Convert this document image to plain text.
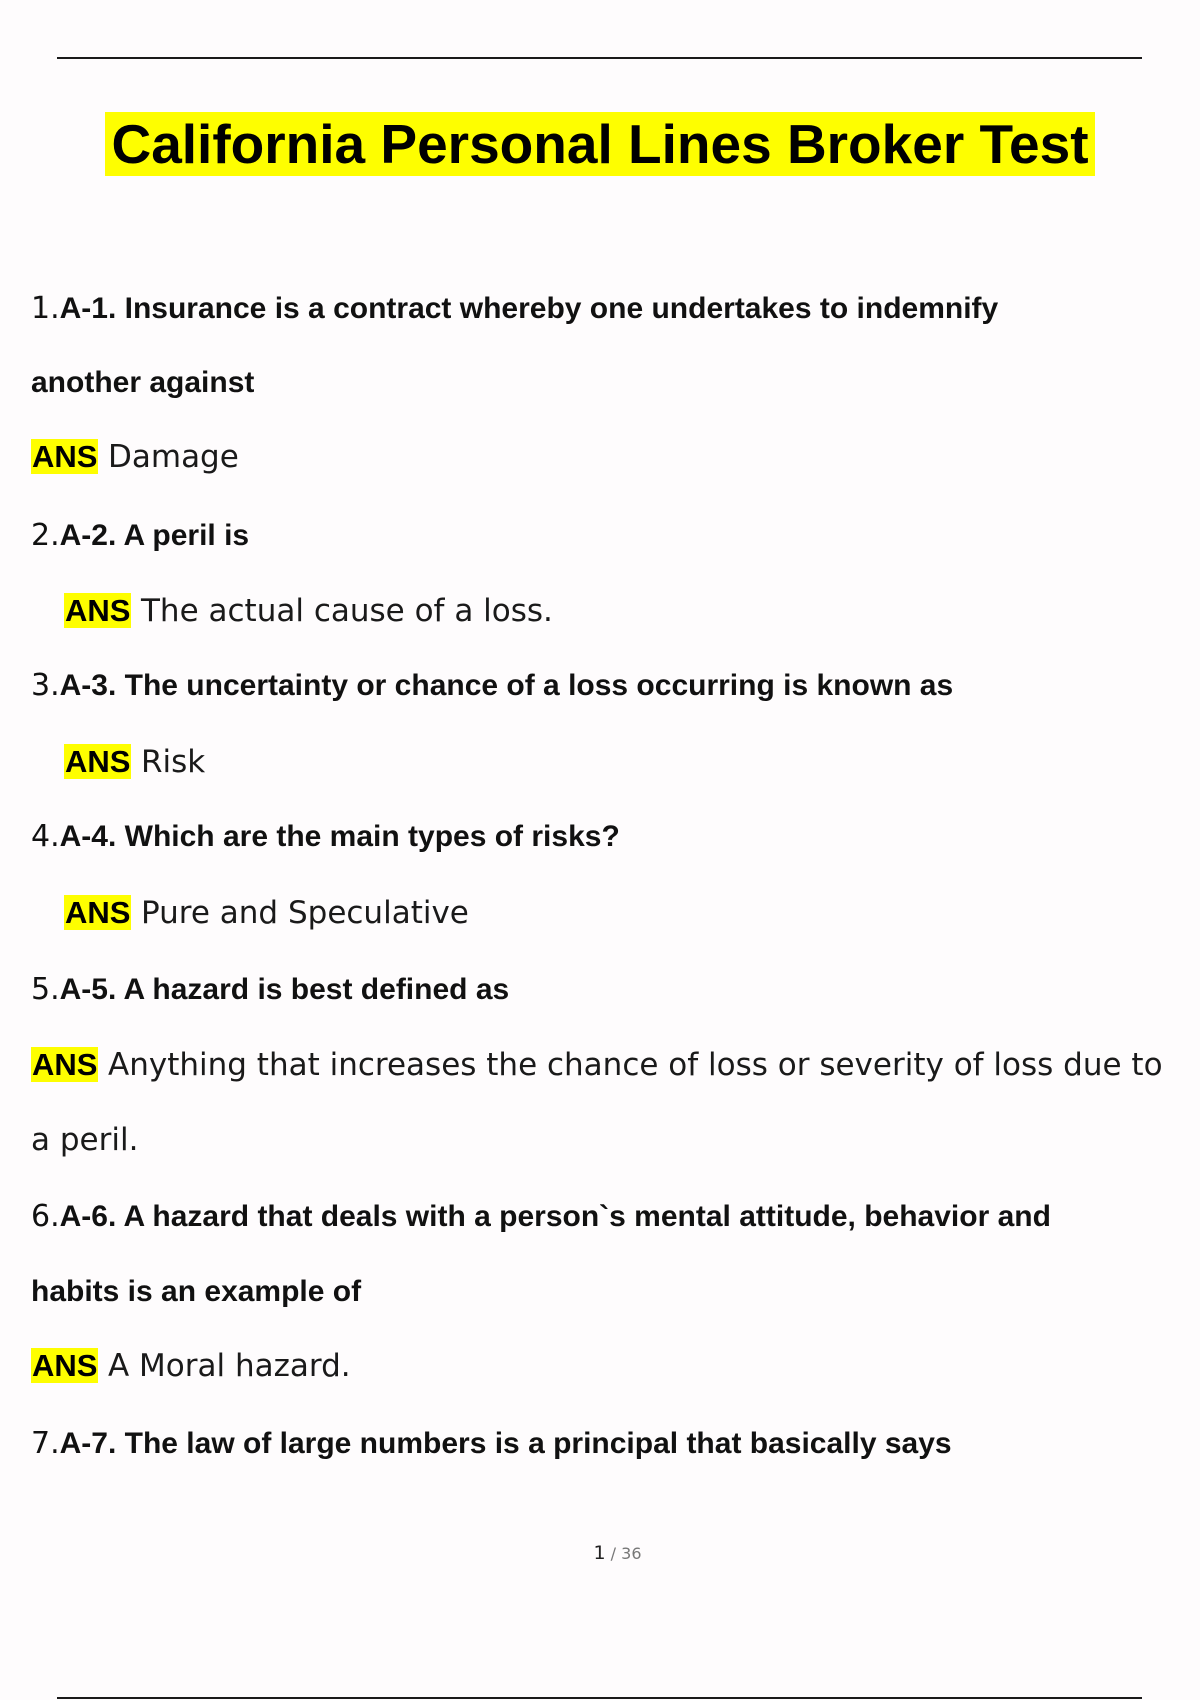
California Personal Lines Broker Test
1.A-1. Insurance is a contract whereby one undertakes to indemnify
another against
ANS Damage
2.A-2. A peril is
ANS The actual cause of a loss.
3.A-3. The uncertainty or chance of a loss occurring is known as
ANS Risk
4.A-4. Which are the main types of risks?
ANS Pure and Speculative
5.A-5. A hazard is best defined as
ANS Anything that increases the chance of loss or severity of loss due to
a peril.
6.A-6. A hazard that deals with a person`s mental attitude, behavior and
habits is an example of
ANS A Moral hazard.
7.A-7. The law of large numbers is a principal that basically says
1 / 36
